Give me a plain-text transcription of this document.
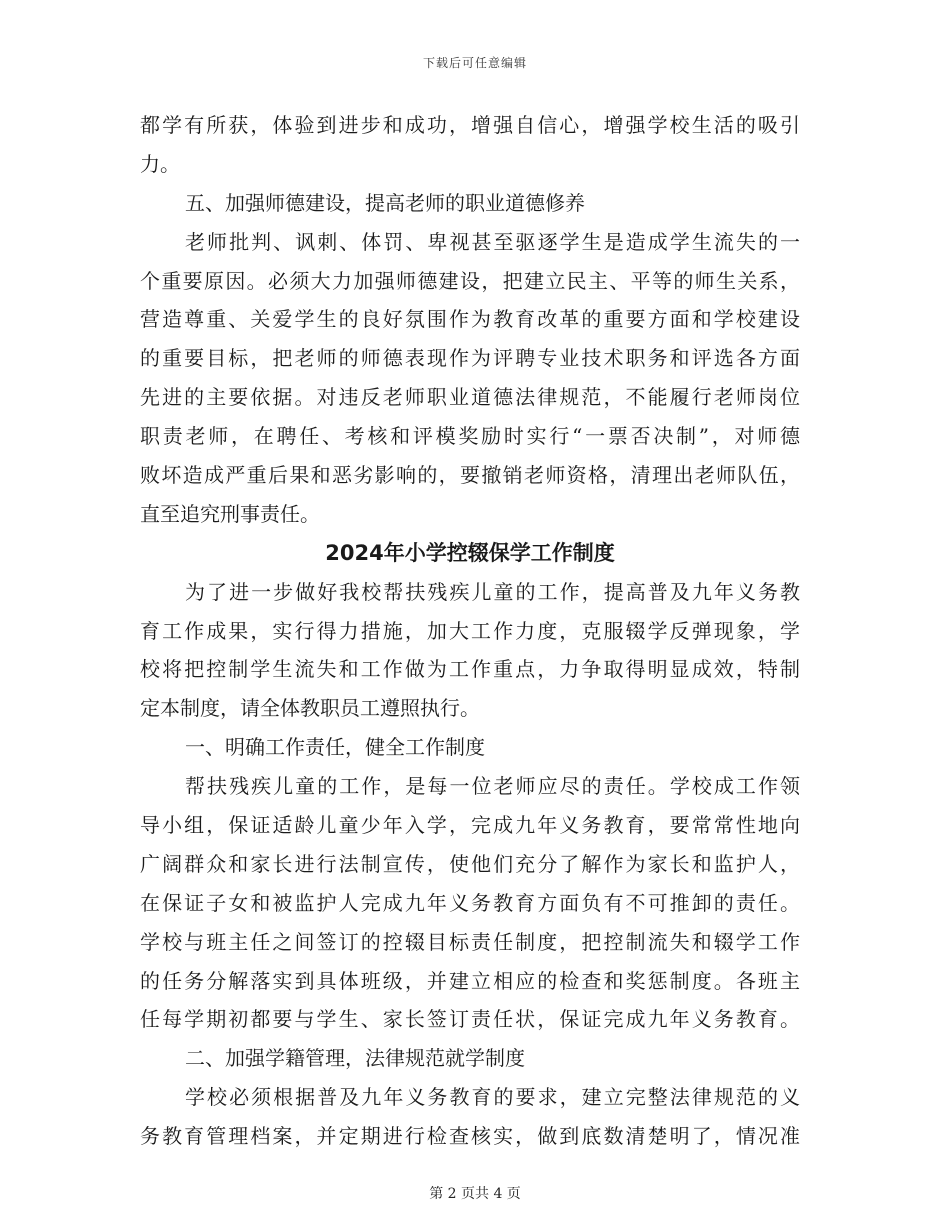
下载后可任意编辑
都学有所获，体验到进步和成功，增强自信心，增强学校生活的吸引
力。
五、加强师德建设，提高老师的职业道德修养
老师批判、讽刺、体罚、卑视甚至驱逐学生是造成学生流失的一
个重要原因。必须大力加强师德建设，把建立民主、平等的师生关系，
营造尊重、关爱学生的良好氛围作为教育改革的重要方面和学校建设
的重要目标，把老师的师德表现作为评聘专业技术职务和评选各方面
先进的主要依据。对违反老师职业道德法律规范，不能履行老师岗位
职责老师，在聘任、考核和评模奖励时实行“一票否决制”，对师德
败坏造成严重后果和恶劣影响的，要撤销老师资格，清理出老师队伍，
直至追究刑事责任。
2024年小学控辍保学工作制度
为了进一步做好我校帮扶残疾儿童的工作，提高普及九年义务教
育工作成果，实行得力措施，加大工作力度，克服辍学反弹现象，学
校将把控制学生流失和工作做为工作重点，力争取得明显成效，特制
定本制度，请全体教职员工遵照执行。
一、明确工作责任，健全工作制度
帮扶残疾儿童的工作，是每一位老师应尽的责任。学校成工作领
导小组，保证适龄儿童少年入学，完成九年义务教育，要常常性地向
广阔群众和家长进行法制宣传，使他们充分了解作为家长和监护人，
在保证子女和被监护人完成九年义务教育方面负有不可推卸的责任。
学校与班主任之间签订的控辍目标责任制度，把控制流失和辍学工作
的任务分解落实到具体班级，并建立相应的检查和奖惩制度。各班主
任每学期初都要与学生、家长签订责任状，保证完成九年义务教育。
二、加强学籍管理，法律规范就学制度
学校必须根据普及九年义务教育的要求，建立完整法律规范的义
务教育管理档案，并定期进行检查核实，做到底数清楚明了，情况准
第 2 页共 4 页
